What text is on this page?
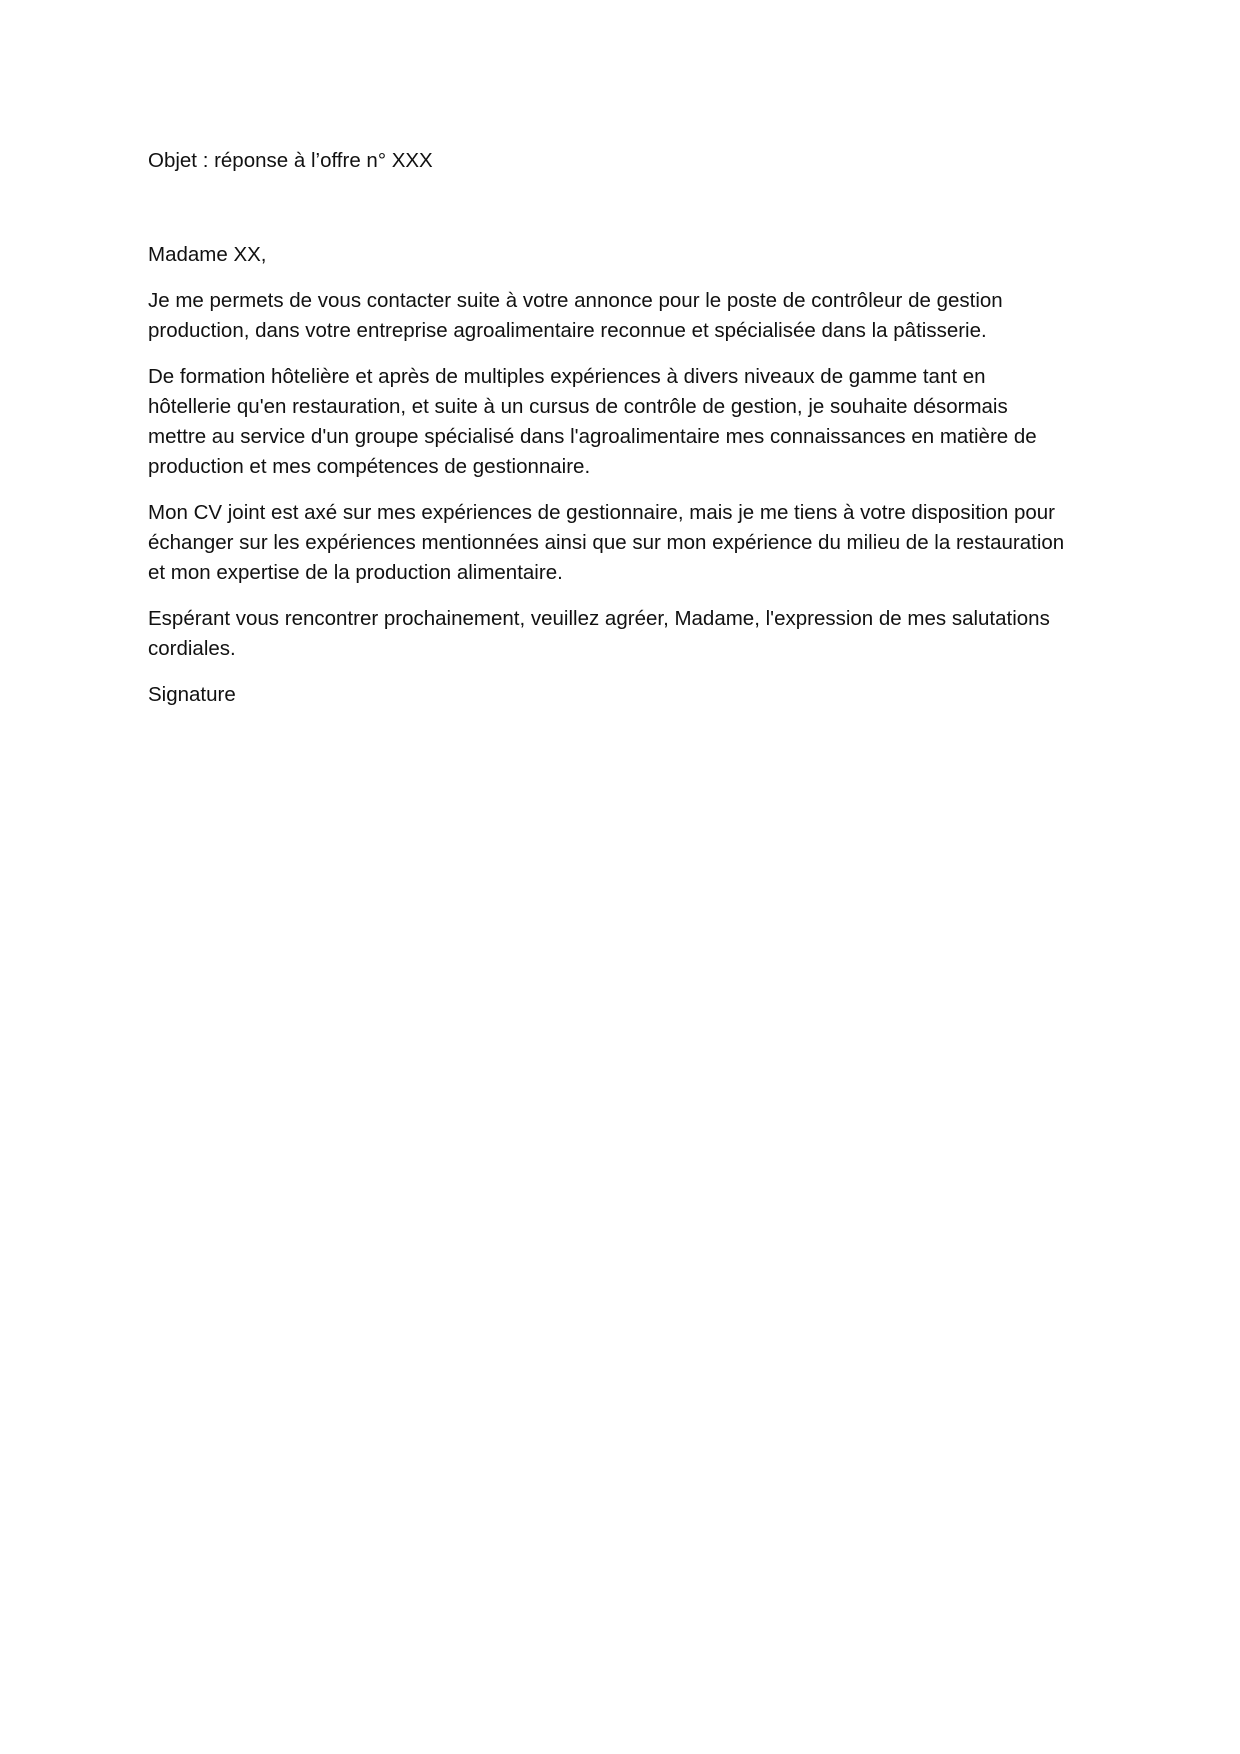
Objet : réponse à l’offre n° XXX

Madame XX,

Je me permets de vous contacter suite à votre annonce pour le poste de contrôleur de gestion
production, dans votre entreprise agroalimentaire reconnue et spécialisée dans la pâtisserie.

De formation hôtelière et après de multiples expériences à divers niveaux de gamme tant en
hôtellerie qu'en restauration, et suite à un cursus de contrôle de gestion, je souhaite désormais
mettre au service d'un groupe spécialisé dans l'agroalimentaire mes connaissances en matière de
production et mes compétences de gestionnaire.

Mon CV joint est axé sur mes expériences de gestionnaire, mais je me tiens à votre disposition pour
échanger sur les expériences mentionnées ainsi que sur mon expérience du milieu de la restauration
et mon expertise de la production alimentaire.

Espérant vous rencontrer prochainement, veuillez agréer, Madame, l'expression de mes salutations
cordiales.

Signature
